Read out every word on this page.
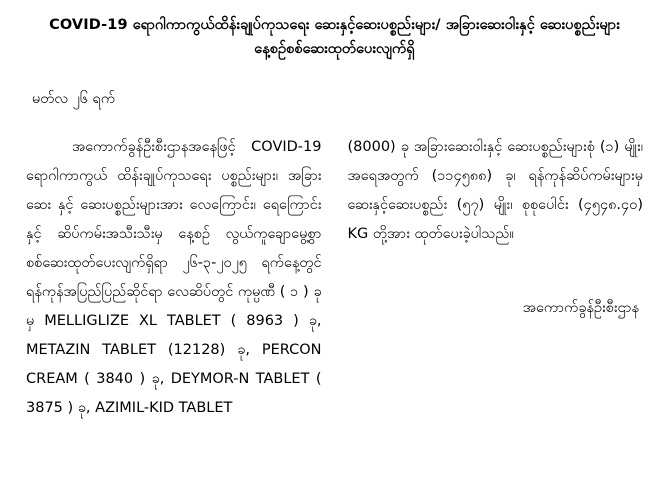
COVID-19 ရောဂါကာကွယ်ထိန်းချုပ်ကုသရေး ဆေးနှင့်ဆေးပစ္စည်းများ/ အခြားဆေးဝါးနှင့် ဆေးပစ္စည်းများ နေ့စဉ်စစ်ဆေးထုတ်ပေးလျက်ရှိ
မတ်လ ၂၆ ရက်

အကောက်ခွန်ဦးစီးဌာနအနေဖြင့် COVID-19 ရောဂါကာကွယ် ထိန်းချုပ်ကုသရေး ပစ္စည်းများ၊ အခြားဆေး နှင့် ဆေးပစ္စည်းများအား လေကြောင်း၊ ရေကြောင်း နှင့် ဆိပ်ကမ်းအသီးသီးမှ နေ့စဉ် လွယ်ကူချောမွေ့စွာ စစ်ဆေးထုတ်ပေးလျက်ရှိရာ ၂၆-၃-၂၀၂၅ ရက်နေ့တွင် ရန်ကုန်အပြည်ပြည်ဆိုင်ရာ လေဆိပ်တွင် ကုမ္ပဏီ ( ၁ ) ခုမှ MELLIGLIZE XL TABLET ( 8963 ) ခု, METAZIN TABLET (12128) ခု, PERCON CREAM ( 3840 ) ခု, DEYMOR-N TABLET ( 3875 ) ခု, AZIMIL-KID TABLET

(8000) ခု အခြားဆေးဝါးနှင့် ဆေးပစ္စည်းများစုံ (၁) မျိုး၊ အရေအတွက် (၁၁၄၅၈၈) ခု၊ ရန်ကုန်ဆိပ်ကမ်းများမှ ဆေးနှင့်ဆေးပစ္စည်း (၅၇) မျိုး၊ စုစုပေါင်း (၄၅၄၈.၄၀) KG တို့အား ထုတ်ပေးခဲ့ပါသည်။

အကောက်ခွန်ဦးစီးဌာန
